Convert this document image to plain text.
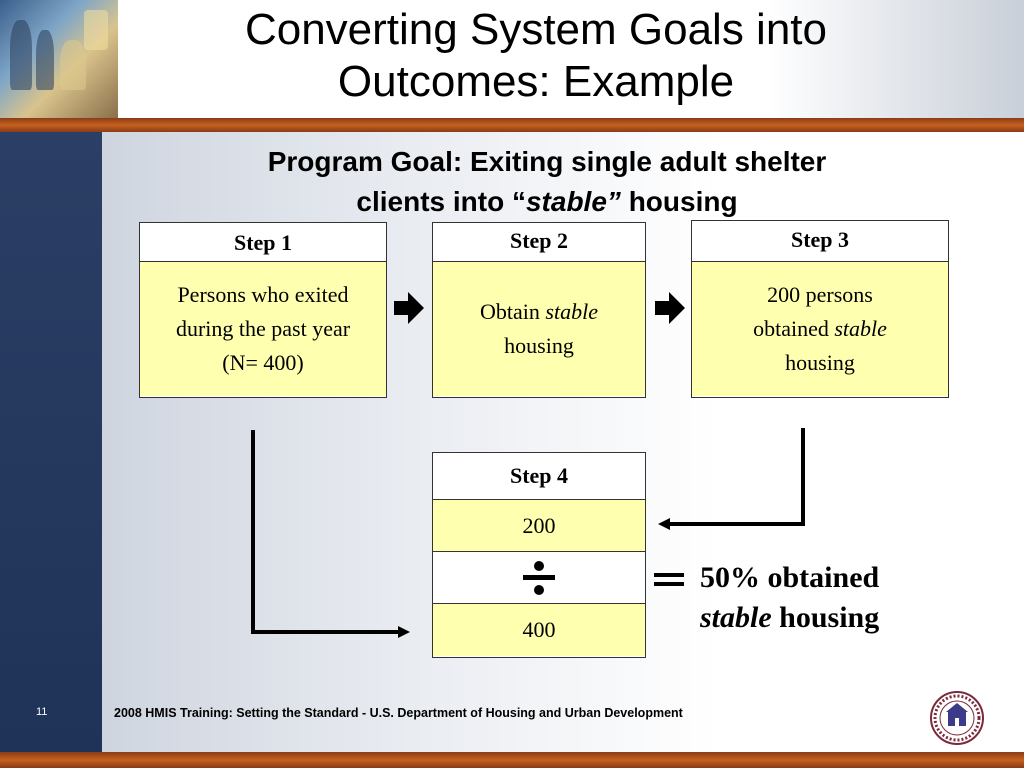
Converting System Goals into
Outcomes: Example
Program Goal: Exiting single adult shelter
clients into “stable” housing
Step 1
Persons who exited
during the past year
(N= 400)
Step 2
Obtain stable
housing
Step 3
200 persons
obtained stable
housing
Step 4
200
400
50% obtained
stable housing
11	2008 HMIS Training: Setting the Standard - U.S. Department of Housing and Urban Development
